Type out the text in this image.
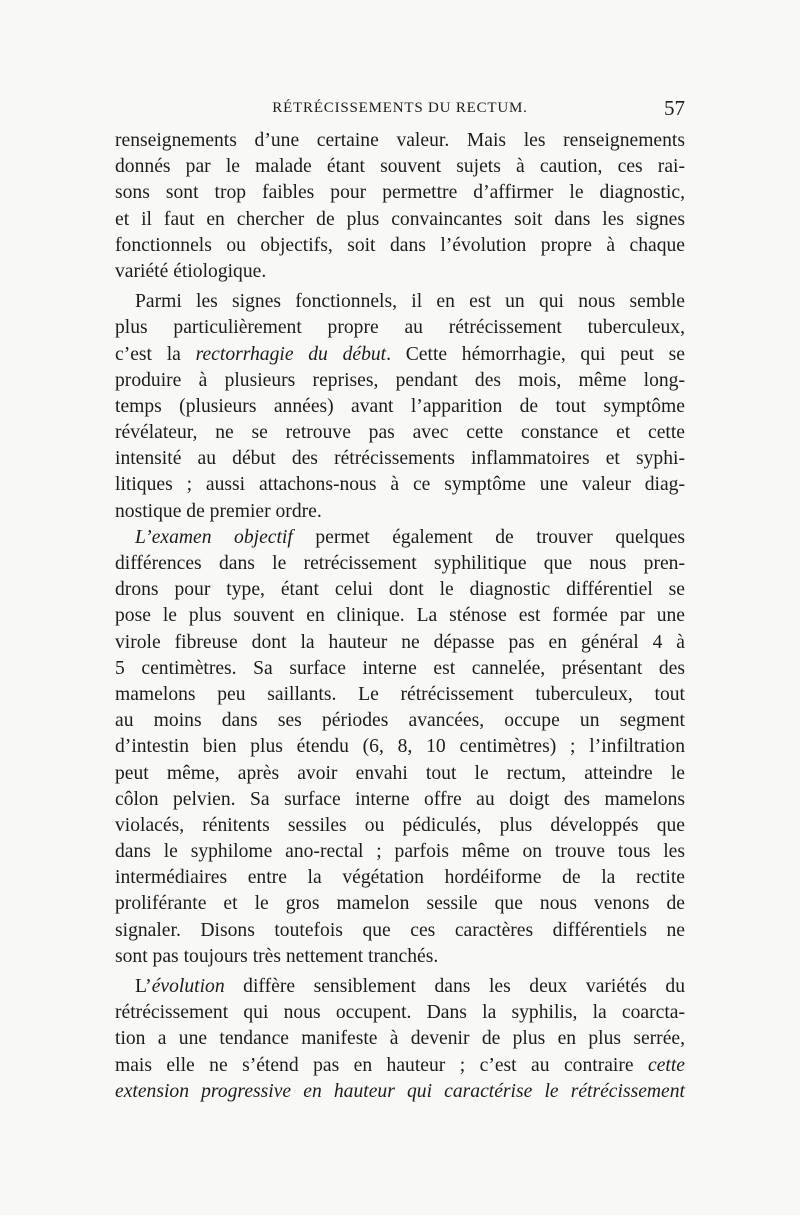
RÉTRÉCISSEMENTS DU RECTUM.	57
renseignements d’une certaine valeur. Mais les renseignements
donnés par le malade étant souvent sujets à caution, ces rai-
sons sont trop faibles pour permettre d’affirmer le diagnostic,
et il faut en chercher de plus convaincantes soit dans les signes
fonctionnels ou objectifs, soit dans l’évolution propre à chaque
variété étiologique.
Parmi les signes fonctionnels, il en est un qui nous semble
plus particulièrement propre au rétrécissement tuberculeux,
c’est la rectorrhagie du début. Cette hémorrhagie, qui peut se
produire à plusieurs reprises, pendant des mois, même long-
temps (plusieurs années) avant l’apparition de tout symptôme
révélateur, ne se retrouve pas avec cette constance et cette
intensité au début des rétrécissements inflammatoires et syphi-
litiques ; aussi attachons-nous à ce symptôme une valeur diag-
nostique de premier ordre.
L’examen objectif permet également de trouver quelques
différences dans le retrécissement syphilitique que nous pren-
drons pour type, étant celui dont le diagnostic différentiel se
pose le plus souvent en clinique. La sténose est formée par une
virole fibreuse dont la hauteur ne dépasse pas en général 4 à
5 centimètres. Sa surface interne est cannelée, présentant des
mamelons peu saillants. Le rétrécissement tuberculeux, tout
au moins dans ses périodes avancées, occupe un segment
d’intestin bien plus étendu (6, 8, 10 centimètres) ; l’infiltration
peut même, après avoir envahi tout le rectum, atteindre le
côlon pelvien. Sa surface interne offre au doigt des mamelons
violacés, rénitents sessiles ou pédiculés, plus développés que
dans le syphilome ano-rectal ; parfois même on trouve tous les
intermédiaires entre la végétation hordéiforme de la rectite
proliférante et le gros mamelon sessile que nous venons de
signaler. Disons toutefois que ces caractères différentiels ne
sont pas toujours très nettement tranchés.
L’évolution diffère sensiblement dans les deux variétés du
rétrécissement qui nous occupent. Dans la syphilis, la coarcta-
tion a une tendance manifeste à devenir de plus en plus serrée,
mais elle ne s’étend pas en hauteur ; c’est au contraire cette
extension progressive en hauteur qui caractérise le rétrécissement
